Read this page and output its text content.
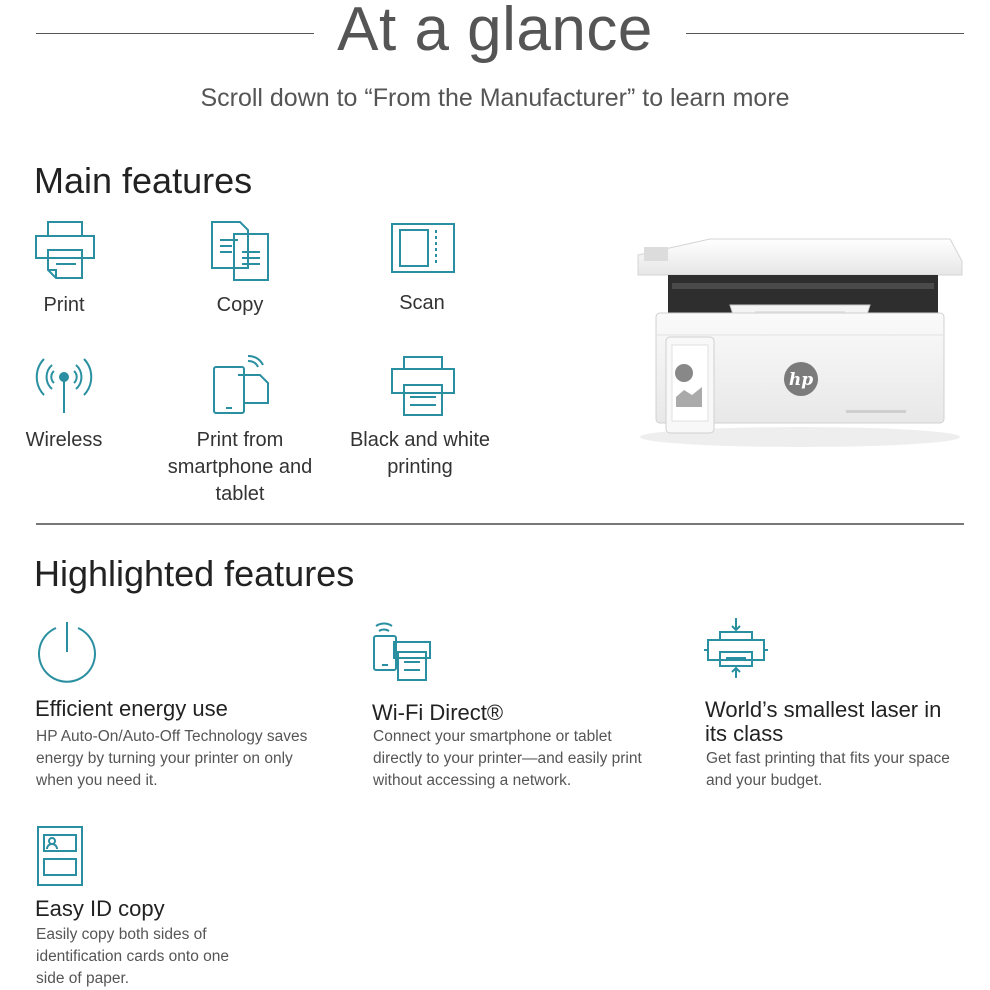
At a glance
Scroll down to “From the Manufacturer” to learn more
Main features
Print	Copy	Scan
Wireless	Print from smartphone and tablet
Black and white printing
hp
Highlighted features
Efficient energy use
HP Auto-On/Auto-Off Technology saves energy by turning your printer on only when you need it.
Wi-Fi Direct®
Connect your smartphone or tablet directly to your printer—and easily print without accessing a network.
World’s smallest laser in its class
Get fast printing that fits your space and your budget.
Easy ID copy
Easily copy both sides of identification cards onto one side of paper.
